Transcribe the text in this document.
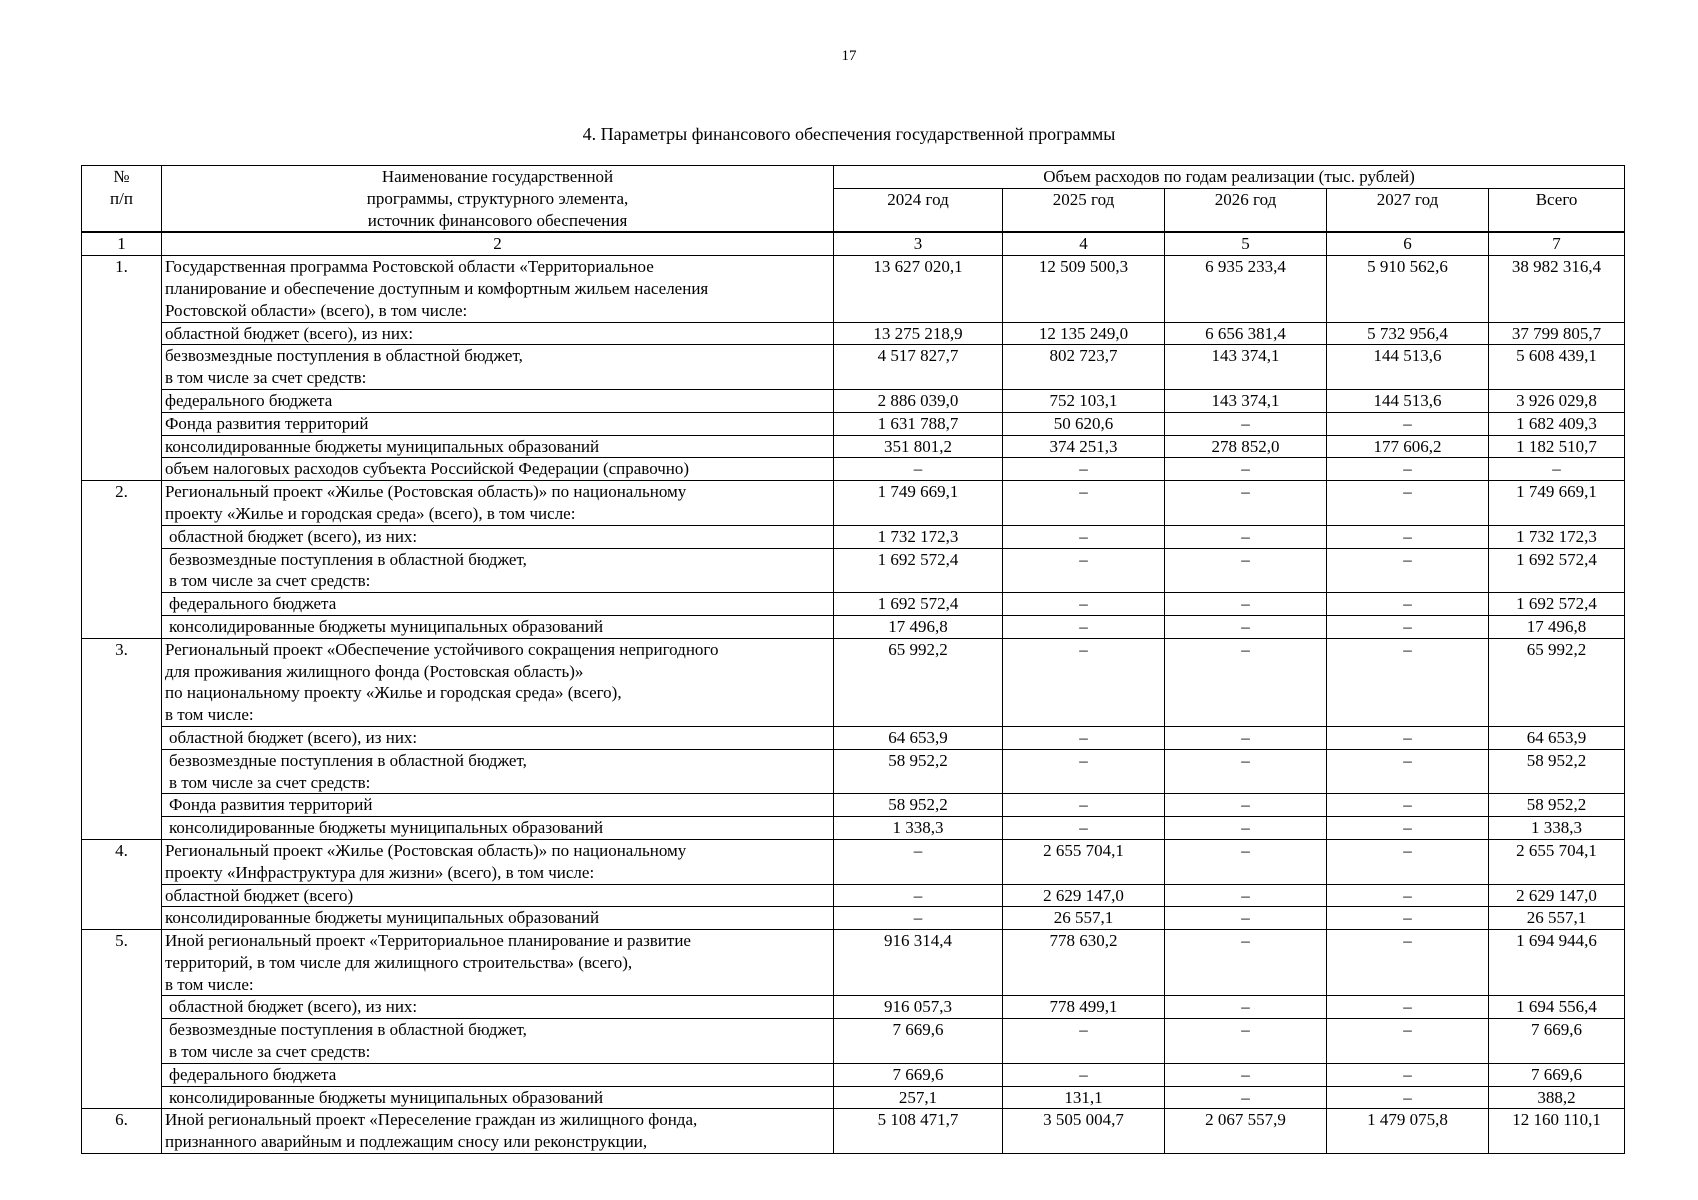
17
4. Параметры финансового обеспечения государственной программы
№
п/п	Наименование государственной
программы, структурного элемента,
источник финансового обеспечения	Объем расходов по годам реализации (тыс. рублей)				
		2024 год	2025 год	2026 год	2027 год	Всего
1	2	3	4	5	6	7
1.	Государственная программа Ростовской области «Территориальное
планирование и обеспечение доступным и комфортным жильем населения
Ростовской области» (всего), в том числе:	13 627 020,1	12 509 500,3	6 935 233,4	5 910 562,6	38 982 316,4
	областной бюджет (всего), из них:	13 275 218,9	12 135 249,0	6 656 381,4	5 732 956,4	37 799 805,7
	безвозмездные поступления в областной бюджет,
в том числе за счет средств:	4 517 827,7	802 723,7	143 374,1	144 513,6	5 608 439,1
	федерального бюджета	2 886 039,0	752 103,1	143 374,1	144 513,6	3 926 029,8
	Фонда развития территорий	1 631 788,7	50 620,6	–	–	1 682 409,3
	консолидированные бюджеты муниципальных образований	351 801,2	374 251,3	278 852,0	177 606,2	1 182 510,7
	объем налоговых расходов субъекта Российской Федерации (справочно)	–	–	–	–	–
2.	Региональный проект «Жилье (Ростовская область)» по национальному
проекту «Жилье и городская среда» (всего), в том числе:	1 749 669,1	–	–	–	1 749 669,1
	областной бюджет (всего), из них:	1 732 172,3	–	–	–	1 732 172,3
	безвозмездные поступления в областной бюджет,
в том числе за счет средств:	1 692 572,4	–	–	–	1 692 572,4
	федерального бюджета	1 692 572,4	–	–	–	1 692 572,4
	консолидированные бюджеты муниципальных образований	17 496,8	–	–	–	17 496,8
3.	Региональный проект «Обеспечение устойчивого сокращения непригодного
для проживания жилищного фонда (Ростовская область)»
по национальному проекту «Жилье и городская среда» (всего),
в том числе:	65 992,2	–	–	–	65 992,2
	областной бюджет (всего), из них:	64 653,9	–	–	–	64 653,9
	безвозмездные поступления в областной бюджет,
в том числе за счет средств:	58 952,2	–	–	–	58 952,2
	Фонда развития территорий	58 952,2	–	–	–	58 952,2
	консолидированные бюджеты муниципальных образований	1 338,3	–	–	–	1 338,3
4.	Региональный проект «Жилье (Ростовская область)» по национальному
проекту «Инфраструктура для жизни» (всего), в том числе:	–	2 655 704,1	–	–	2 655 704,1
	областной бюджет (всего)	–	2 629 147,0	–	–	2 629 147,0
	консолидированные бюджеты муниципальных образований	–	26 557,1	–	–	26 557,1
5.	Иной региональный проект «Территориальное планирование и развитие
территорий, в том числе для жилищного строительства» (всего),
в том числе:	916 314,4	778 630,2	–	–	1 694 944,6
	областной бюджет (всего), из них:	916 057,3	778 499,1	–	–	1 694 556,4
	безвозмездные поступления в областной бюджет,
в том числе за счет средств:	7 669,6	–	–	–	7 669,6
	федерального бюджета	7 669,6	–	–	–	7 669,6
	консолидированные бюджеты муниципальных образований	257,1	131,1	–	–	388,2
6.	Иной региональный проект «Переселение граждан из жилищного фонда,
признанного аварийным и подлежащим сносу или реконструкции,	5 108 471,7	3 505 004,7	2 067 557,9	1 479 075,8	12 160 110,1
